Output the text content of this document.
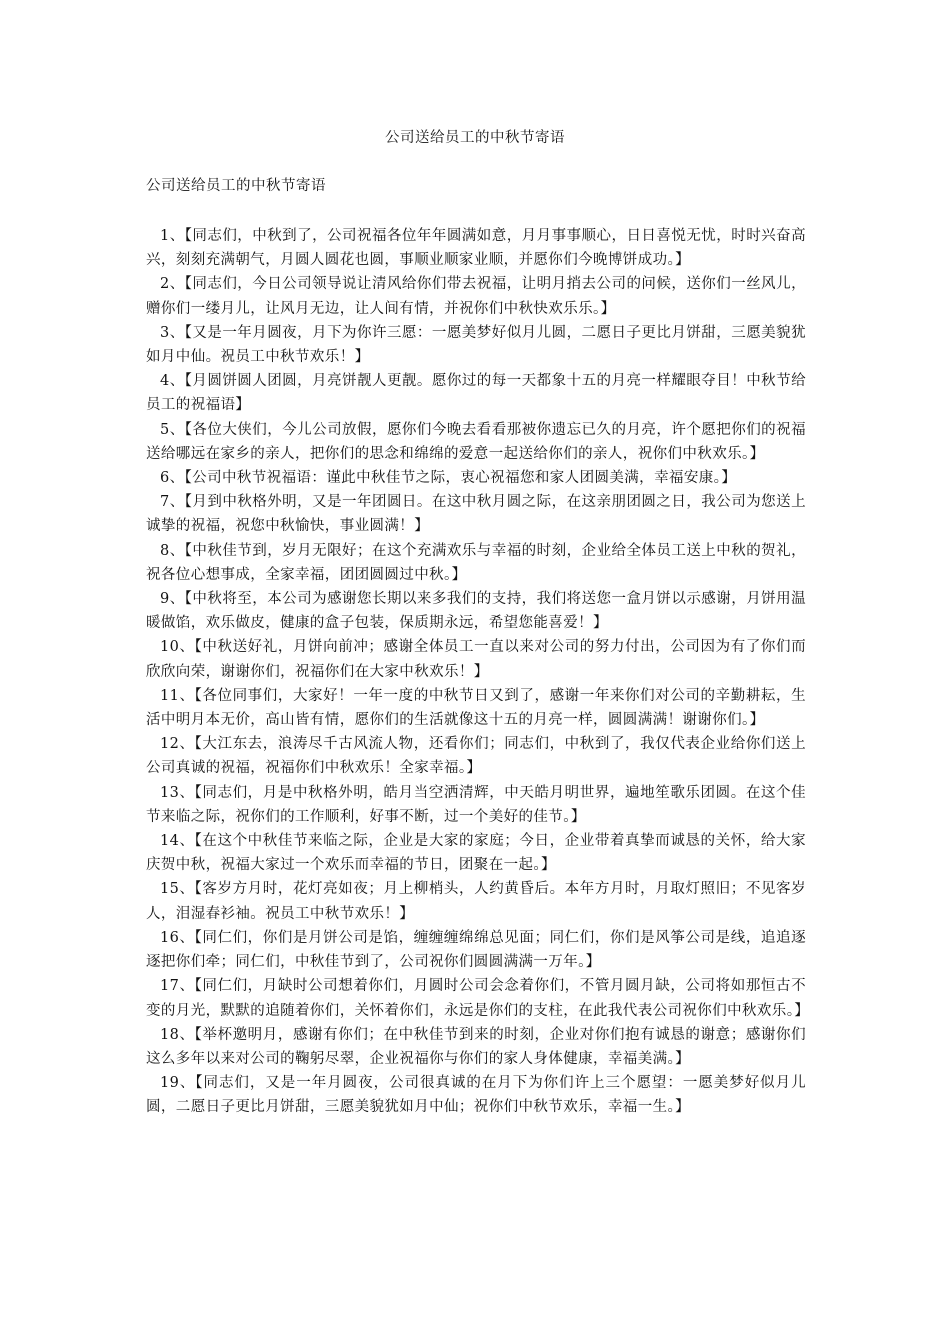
公司送给员工的中秋节寄语
公司送给员工的中秋节寄语

1、【同志们，中秋到了，公司祝福各位年年圆满如意，月月事事顺心，日日喜悦无忧，时时兴奋高兴，刻刻充满朝气，月圆人圆花也圆，事顺业顺家业顺，并愿你们今晚博饼成功。】

2、【同志们，今日公司领导说让清风给你们带去祝福，让明月捎去公司的问候，送你们一丝风儿，赠你们一缕月儿，让风月无边，让人间有情，并祝你们中秋快欢乐乐。】

3、【又是一年月圆夜，月下为你许三愿：一愿美梦好似月儿圆，二愿日子更比月饼甜，三愿美貌犹如月中仙。祝员工中秋节欢乐！】

4、【月圆饼圆人团圆，月亮饼靓人更靓。愿你过的每一天都象十五的月亮一样耀眼夺目！中秋节给员工的祝福语】

5、【各位大侠们，今儿公司放假，愿你们今晚去看看那被你遗忘已久的月亮，许个愿把你们的祝福送给哪远在家乡的亲人，把你们的思念和绵绵的爱意一起送给你们的亲人，祝你们中秋欢乐。】

6、【公司中秋节祝福语：谨此中秋佳节之际，衷心祝福您和家人团圆美满，幸福安康。】

7、【月到中秋格外明，又是一年团圆日。在这中秋月圆之际，在这亲朋团圆之日，我公司为您送上诚挚的祝福，祝您中秋愉快，事业圆满！】

8、【中秋佳节到，岁月无限好；在这个充满欢乐与幸福的时刻，企业给全体员工送上中秋的贺礼，祝各位心想事成，全家幸福，团团圆圆过中秋。】

9、【中秋将至，本公司为感谢您长期以来多我们的支持，我们将送您一盒月饼以示感谢，月饼用温暖做馅，欢乐做皮，健康的盒子包装，保质期永远，希望您能喜爱！】

10、【中秋送好礼，月饼向前冲；感谢全体员工一直以来对公司的努力付出，公司因为有了你们而欣欣向荣，谢谢你们，祝福你们在大家中秋欢乐！】

11、【各位同事们，大家好！一年一度的中秋节日又到了，感谢一年来你们对公司的辛勤耕耘，生活中明月本无价，高山皆有情，愿你们的生活就像这十五的月亮一样，圆圆满满！谢谢你们。】

12、【大江东去，浪涛尽千古风流人物，还看你们；同志们，中秋到了，我仅代表企业给你们送上公司真诚的祝福，祝福你们中秋欢乐！全家幸福。】

13、【同志们，月是中秋格外明，皓月当空洒清辉，中天皓月明世界，遍地笙歌乐团圆。在这个佳节来临之际，祝你们的工作顺利，好事不断，过一个美好的佳节。】

14、【在这个中秋佳节来临之际，企业是大家的家庭；今日，企业带着真挚而诚恳的关怀，给大家庆贺中秋，祝福大家过一个欢乐而幸福的节日，团聚在一起。】

15、【客岁方月时，花灯亮如夜；月上柳梢头，人约黄昏后。本年方月时，月取灯照旧；不见客岁人，泪湿春衫袖。祝员工中秋节欢乐！】

16、【同仁们，你们是月饼公司是馅，缠缠缠绵绵总见面；同仁们，你们是风筝公司是线，追追逐逐把你们牵；同仁们，中秋佳节到了，公司祝你们圆圆满满一万年。】

17、【同仁们，月缺时公司想着你们，月圆时公司会念着你们，不管月圆月缺，公司将如那恒古不变的月光，默默的追随着你们，关怀着你们，永远是你们的支柱，在此我代表公司祝你们中秋欢乐。】

18、【举杯邀明月，感谢有你们；在中秋佳节到来的时刻，企业对你们抱有诚恳的谢意；感谢你们这么多年以来对公司的鞠躬尽翠，企业祝福你与你们的家人身体健康，幸福美满。】

19、【同志们，又是一年月圆夜，公司很真诚的在月下为你们许上三个愿望：一愿美梦好似月儿圆，二愿日子更比月饼甜，三愿美貌犹如月中仙；祝你们中秋节欢乐，幸福一生。】
